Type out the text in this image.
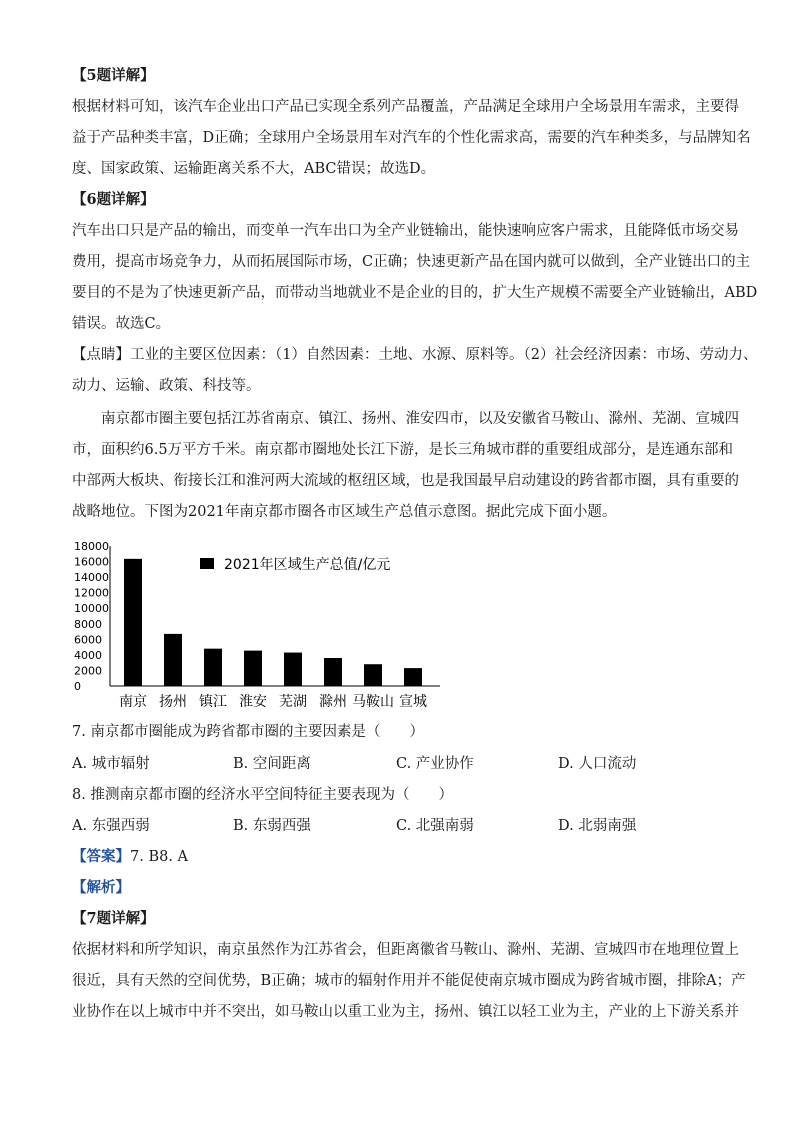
【5题详解】
根据材料可知，该汽车企业出口产品已实现全系列产品覆盖，产品满足全球用户全场景用车需求，主要得
益于产品种类丰富，D正确；全球用户全场景用车对汽车的个性化需求高，需要的汽车种类多，与品牌知名
度、国家政策、运输距离关系不大，ABC错误；故选D。
【6题详解】
汽车出口只是产品的输出，而变单一汽车出口为全产业链输出，能快速响应客户需求，且能降低市场交易
费用，提高市场竞争力，从而拓展国际市场，C正确；快速更新产品在国内就可以做到，全产业链出口的主
要目的不是为了快速更新产品，而带动当地就业不是企业的目的，扩大生产规模不需要全产业链输出，ABD
错误。故选C。
【点睛】工业的主要区位因素：（1）自然因素：土地、水源、原料等。（2）社会经济因素：市场、劳动力、
动力、运输、政策、科技等。
南京都市圈主要包括江苏省南京、镇江、扬州、淮安四市，以及安徽省马鞍山、滁州、芜湖、宣城四
市，面积约6.5万平方千米。南京都市圈地处长江下游，是长三角城市群的重要组成部分，是连通东部和
中部两大板块、衔接长江和淮河两大流域的枢纽区域，也是我国最早启动建设的跨省都市圈，具有重要的
战略地位。下图为2021年南京都市圈各市区域生产总值示意图。据此完成下面小题。
18000
16000
14000
12000
10000
8000
6000
4000
2000
0
南京 扬州 镇江 淮安 芜湖 滁州 马鞍山 宣城
2021年区域生产总值/亿元
7. 南京都市圈能成为跨省都市圈的主要因素是（　　）
A. 城市辐射	B. 空间距离	C. 产业协作	D. 人口流动
8. 推测南京都市圈的经济水平空间特征主要表现为（　　）
A. 东强西弱	B. 东弱西强	C. 北强南弱	D. 北弱南强
【答案】7. B8. A
【解析】
【7题详解】
依据材料和所学知识，南京虽然作为江苏省会，但距离徽省马鞍山、滁州、芜湖、宣城四市在地理位置上
很近，具有天然的空间优势，B正确；城市的辐射作用并不能促使南京城市圈成为跨省城市圈，排除A；产
业协作在以上城市中并不突出，如马鞍山以重工业为主，扬州、镇江以轻工业为主，产业的上下游关系并
